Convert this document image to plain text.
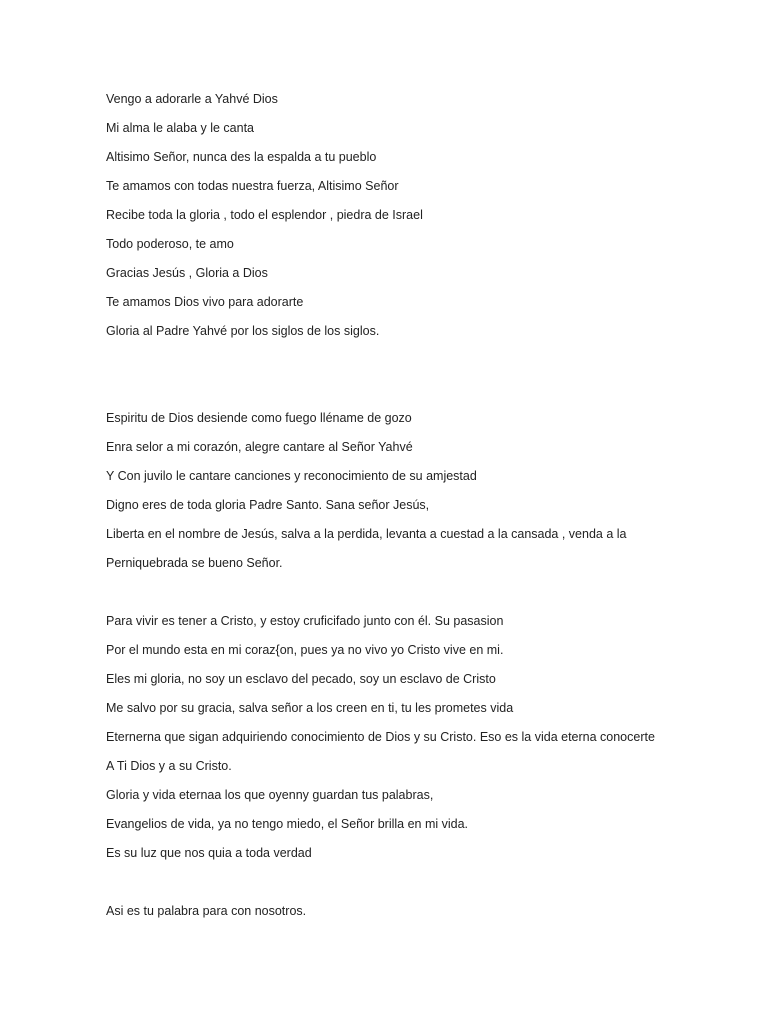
Vengo a adorarle a Yahvé Dios
Mi alma le alaba y le canta
Altisimo Señor, nunca des la espalda a tu pueblo
Te amamos con todas nuestra fuerza, Altisimo Señor
Recibe toda la gloria , todo el esplendor , piedra de Israel
Todo poderoso, te amo
Gracias Jesús , Gloria a Dios
Te amamos Dios vivo para adorarte
Gloria al Padre Yahvé por los siglos de los siglos.
Espiritu de Dios desiende como fuego lléname de gozo
Enra selor a mi corazón, alegre cantare al Señor Yahvé
Y Con juvilo le cantare canciones y reconocimiento de su amjestad
Digno eres de toda gloria Padre Santo. Sana señor Jesús,
Liberta en el nombre de Jesús, salva a la perdida, levanta a cuestad a la cansada , venda a la
Perniquebrada se bueno Señor.
Para vivir es tener a Cristo, y estoy cruficifado junto con él. Su pasasion
Por el mundo esta en mi coraz{on, pues ya no vivo yo Cristo vive en mi.
Eles mi gloria, no soy un esclavo del pecado, soy un esclavo de Cristo
Me salvo por su gracia, salva señor a los creen en ti, tu les prometes vida
Eternerna que sigan adquiriendo conocimiento de Dios y su Cristo. Eso es la vida eterna conocerte
A Ti Dios y a su Cristo.
Gloria y vida eternaa los que oyenny guardan tus palabras,
Evangelios de vida, ya no tengo miedo, el Señor brilla en mi vida.
Es su luz que nos quia a toda verdad
Asi es tu palabra para con nosotros.
